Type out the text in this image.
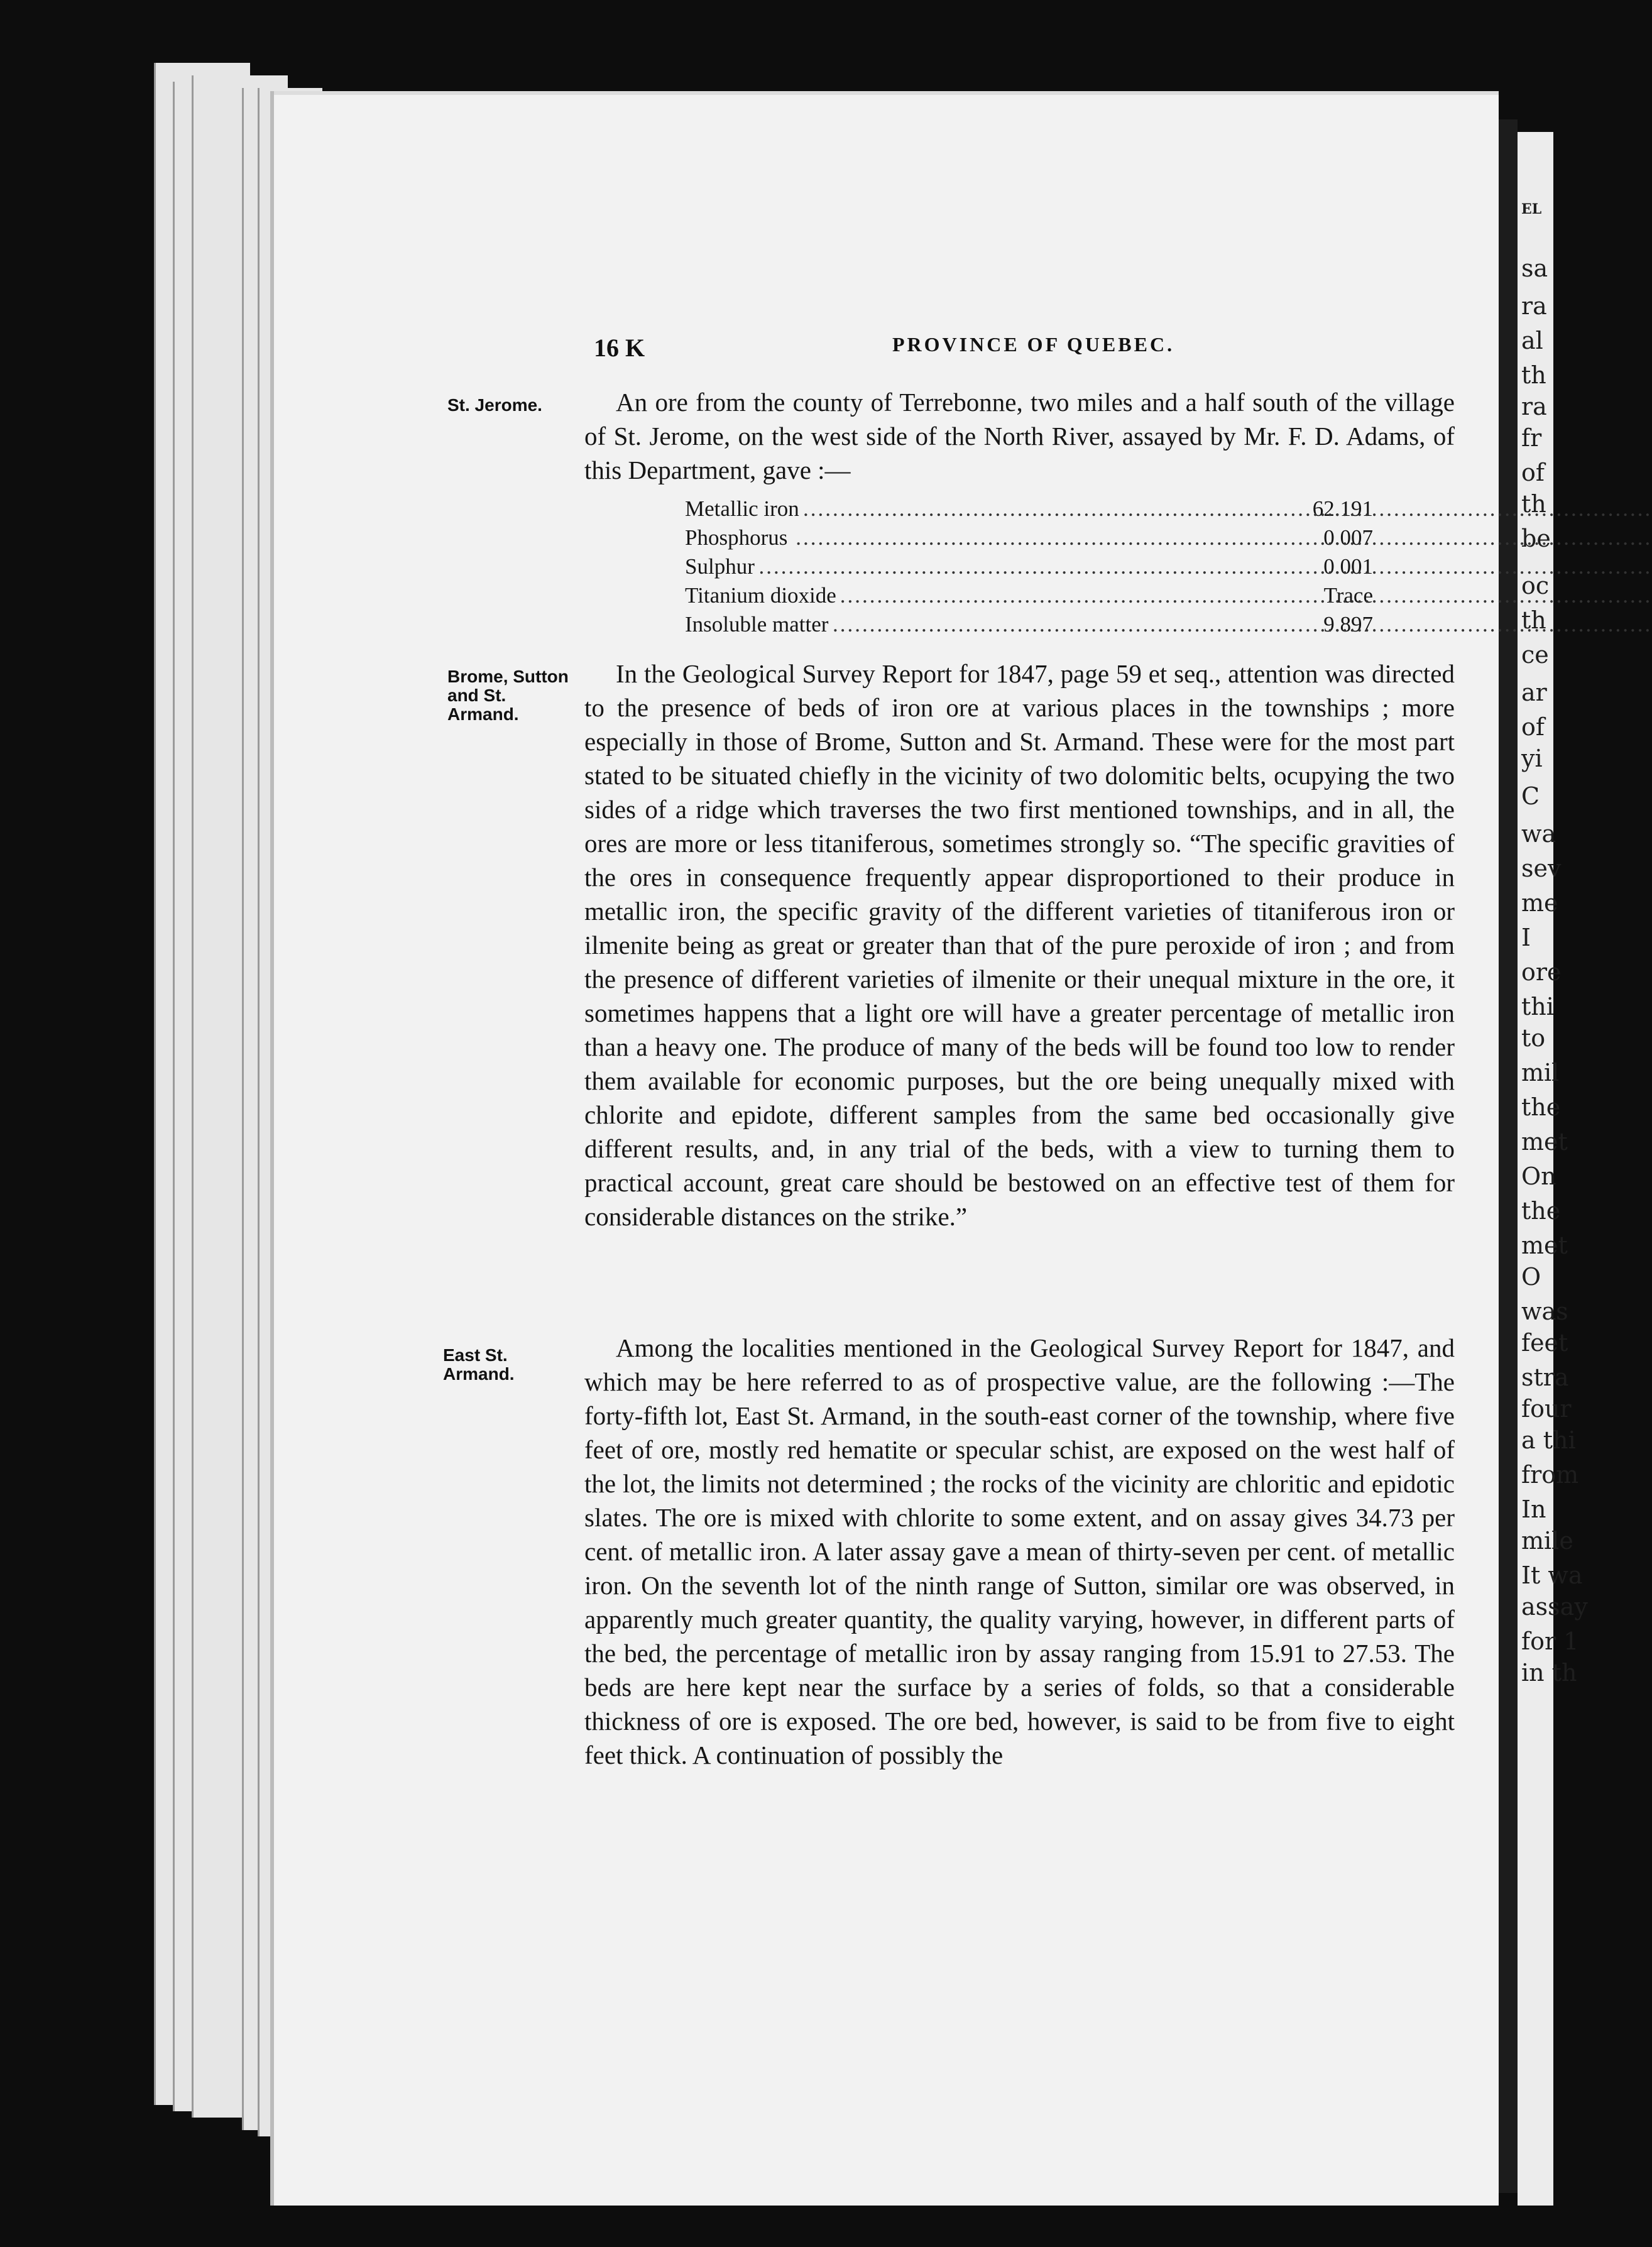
EL
sa
ra
al
th
ra
fr
of
th
be
oc
th
ce
ar
of
yi
C
wa
sev
me
I
ore
thi
to
mil
the
met
On
the
met
O
was
feet
stra
four
a thi
from
In
mile
It wa
assay
for 1
in th
16 K	PROVINCE OF QUEBEC.
St. Jerome.
Brome, Sutton and St. Armand.
East St. Armand.

An ore from the county of Terrebonne, two miles and a half south of the village of St. Jerome, on the west side of the North River, assayed by Mr. F. D. Adams, of this Department, gave :—

Metallic iron .....	62.191
Phosphorus .....	0.007
Sulphur .....	0.001
Titanium dioxide .....	Trace
Insoluble matter .....	9.897

In the Geological Survey Report for 1847, page 59 et seq., attention was directed to the presence of beds of iron ore at various places in the townships ; more especially in those of Brome, Sutton and St. Armand. These were for the most part stated to be situated chiefly in the vicinity of two dolomitic belts, ocupying the two sides of a ridge which traverses the two first mentioned townships, and in all, the ores are more or less titaniferous, sometimes strongly so. “The specific gravities of the ores in consequence frequently appear disproportioned to their produce in metallic iron, the specific gravity of the different varieties of titaniferous iron or ilmenite being as great or greater than that of the pure peroxide of iron ; and from the presence of different varieties of ilmenite or their unequal mixture in the ore, it sometimes happens that a light ore will have a greater percentage of metallic iron than a heavy one. The produce of many of the beds will be found too low to render them available for economic purposes, but the ore being unequally mixed with chlorite and epidote, different samples from the same bed occasionally give different results, and, in any trial of the beds, with a view to turning them to practical account, great care should be bestowed on an effective test of them for considerable distances on the strike.”

Among the localities mentioned in the Geological Survey Report for 1847, and which may be here referred to as of prospective value, are the following :—The forty-fifth lot, East St. Armand, in the south-east corner of the township, where five feet of ore, mostly red hematite or specular schist, are exposed on the west half of the lot, the limits not determined ; the rocks of the vicinity are chloritic and epidotic slates. The ore is mixed with chlorite to some extent, and on assay gives 34.73 per cent. of metallic iron. A later assay gave a mean of thirty-seven per cent. of metallic iron. On the seventh lot of the ninth range of Sutton, similar ore was observed, in apparently much greater quantity, the quality varying, however, in different parts of the bed, the percentage of metallic iron by assay ranging from 15.91 to 27.53. The beds are here kept near the surface by a series of folds, so that a considerable thickness of ore is exposed. The ore bed, however, is said to be from five to eight feet thick. A continuation of possibly the
